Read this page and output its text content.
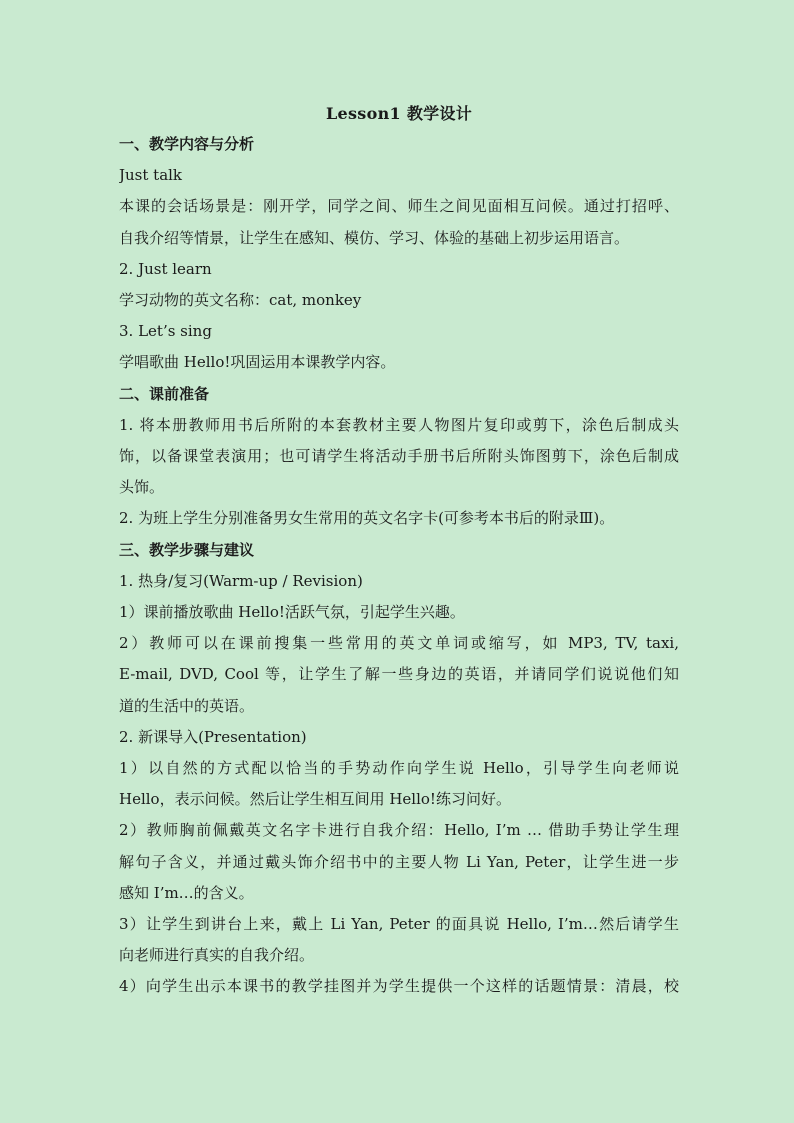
Lesson1 教学设计
一、教学内容与分析
Just talk
本课的会话场景是：刚开学，同学之间、师生之间见面相互问候。通过打招呼、
自我介绍等情景，让学生在感知、模仿、学习、体验的基础上初步运用语言。
2. Just learn
学习动物的英文名称：cat, monkey
3. Let’s sing
学唱歌曲 Hello!巩固运用本课教学内容。
二、课前准备
1. 将本册教师用书后所附的本套教材主要人物图片复印或剪下，涂色后制成头
饰，以备课堂表演用；也可请学生将活动手册书后所附头饰图剪下，涂色后制成
头饰。
2. 为班上学生分别准备男女生常用的英文名字卡(可参考本书后的附录Ⅲ)。
三、教学步骤与建议
1. 热身/复习(Warm-up / Revision)
1）课前播放歌曲 Hello!活跃气氛，引起学生兴趣。
2）教师可以在课前搜集一些常用的英文单词或缩写，如 MP3, TV, taxi,
E-mail, DVD, Cool 等，让学生了解一些身边的英语，并请同学们说说他们知
道的生活中的英语。
2. 新课导入(Presentation)
1）以自然的方式配以恰当的手势动作向学生说 Hello，引导学生向老师说
Hello，表示问候。然后让学生相互间用 Hello!练习问好。
2）教师胸前佩戴英文名字卡进行自我介绍：Hello, I’m … 借助手势让学生理
解句子含义，并通过戴头饰介绍书中的主要人物 Li Yan, Peter，让学生进一步
感知 I’m…的含义。
3）让学生到讲台上来，戴上 Li Yan, Peter 的面具说 Hello, I’m…然后请学生
向老师进行真实的自我介绍。
4）向学生出示本课书的教学挂图并为学生提供一个这样的话题情景：清晨，校
